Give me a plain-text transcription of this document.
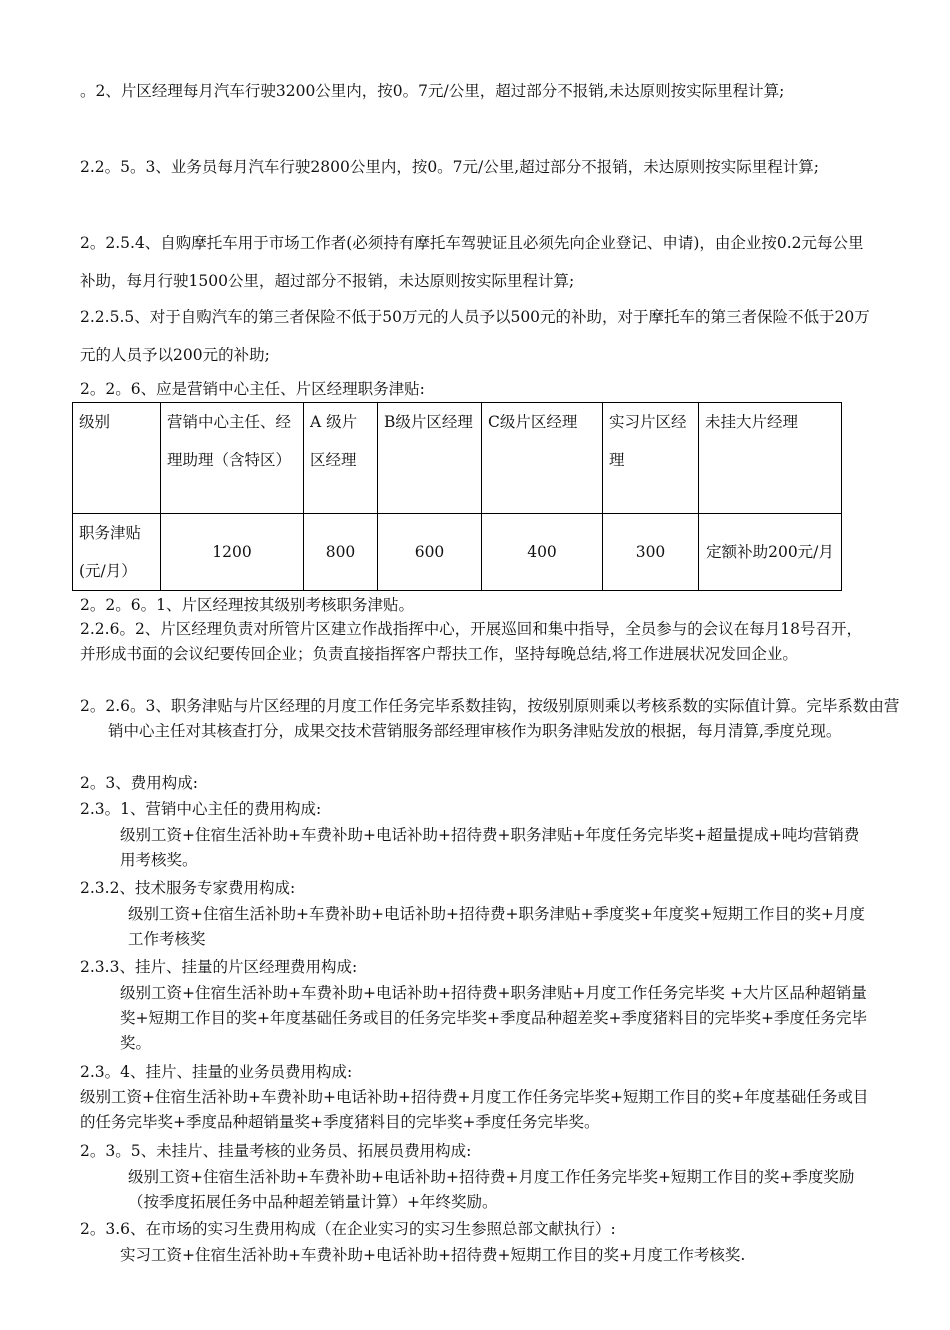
。2、片区经理每月汽车行驶3200公里内，按0。7元/公里，超过部分不报销,未达原则按实际里程计算;

2.2。5。3、业务员每月汽车行驶2800公里内，按0。7元/公里,超过部分不报销，未达原则按实际里程计算;

2。2.5.4、自购摩托车用于市场工作者(必须持有摩托车驾驶证且必须先向企业登记、申请)，由企业按0.2元每公里补助，每月行驶1500公里，超过部分不报销，未达原则按实际里程计算;

2.2.5.5、对于自购汽车的第三者保险不低于50万元的人员予以500元的补助，对于摩托车的第三者保险不低于20万元的人员予以200元的补助;

2。2。6、应是营销中心主任、片区经理职务津贴:

级别	营销中心主任、经理助理（含特区）	A 级片区经理	B级片区经理	C级片区经理	实习片区经理	未挂大片经理
职务津贴(元/月）	1200	800	600	400	300	定额补助200元/月

2。2。6。1、片区经理按其级别考核职务津贴。

2.2.6。2、片区经理负责对所管片区建立作战指挥中心，开展巡回和集中指导，全员参与的会议在每月18号召开，并形成书面的会议纪要传回企业；负责直接指挥客户帮扶工作，坚持每晚总结,将工作进展状况发回企业。

2。2.6。3、职务津贴与片区经理的月度工作任务完毕系数挂钩，按级别原则乘以考核系数的实际值计算。完毕系数由营销中心主任对其核查打分，成果交技术营销服务部经理审核作为职务津贴发放的根据，每月清算,季度兑现。

2。3、费用构成:

2.3。1、营销中心主任的费用构成:

级别工资+住宿生活补助+车费补助+电话补助+招待费+职务津贴+年度任务完毕奖+超量提成+吨均营销费用考核奖。

2.3.2、技术服务专家费用构成:

级别工资+住宿生活补助+车费补助+电话补助+招待费+职务津贴+季度奖+年度奖+短期工作目的奖+月度工作考核奖

2.3.3、挂片、挂量的片区经理费用构成:

级别工资+住宿生活补助+车费补助+电话补助+招待费+职务津贴+月度工作任务完毕奖 +大片区品种超销量奖+短期工作目的奖+年度基础任务或目的任务完毕奖+季度品种超差奖+季度猪料目的完毕奖+季度任务完毕奖。

2.3。4、挂片、挂量的业务员费用构成:

级别工资+住宿生活补助+车费补助+电话补助+招待费+月度工作任务完毕奖+短期工作目的奖+年度基础任务或目的任务完毕奖+季度品种超销量奖+季度猪料目的完毕奖+季度任务完毕奖。

2。3。5、未挂片、挂量考核的业务员、拓展员费用构成:

级别工资+住宿生活补助+车费补助+电话补助+招待费+月度工作任务完毕奖+短期工作目的奖+季度奖励（按季度拓展任务中品种超差销量计算）+年终奖励。

2。3.6、在市场的实习生费用构成（在企业实习的实习生参照总部文献执行）:

实习工资+住宿生活补助+车费补助+电话补助+招待费+短期工作目的奖+月度工作考核奖.
